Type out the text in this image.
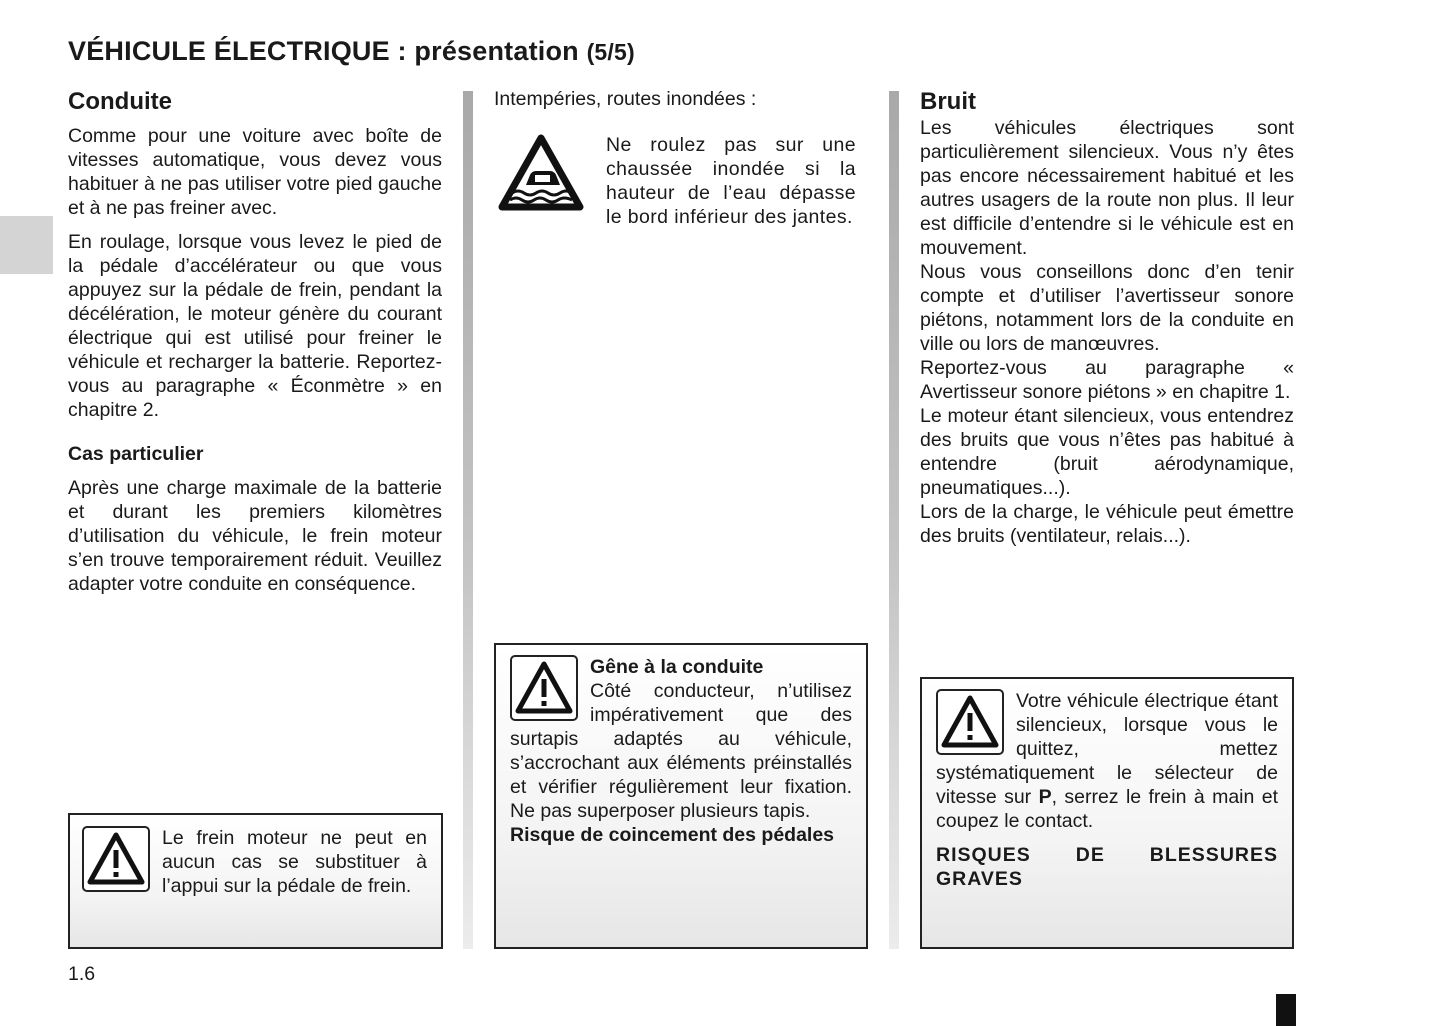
VÉHICULE ÉLECTRIQUE : présentation (5/5)
Conduite

Comme pour une voiture avec boîte de vitesses automatique, vous devez vous habituer à ne pas utiliser votre pied gauche et à ne pas freiner avec.

En roulage, lorsque vous levez le pied de la pédale d’accélérateur ou que vous appuyez sur la pédale de frein, pendant la décélération, le moteur génère du courant électrique qui est utilisé pour freiner le véhicule et recharger la batterie. Reportez-vous au paragraphe « Éconmètre » en chapitre 2.

Cas particulier

Après une charge maximale de la batterie et durant les premiers kilomètres d’utilisation du véhicule, le frein moteur s’en trouve temporairement réduit. Veuillez adapter votre conduite en conséquence.

Le frein moteur ne peut en aucun cas se substituer à l’appui sur la pédale de frein.

Intempéries, routes inondées :

Ne roulez pas sur une chaussée inondée si la hauteur de l’eau dépasse le bord inférieur des jantes.

Gêne à la conduite

Côté conducteur, n’utilisez impérativement que des surtapis adaptés au véhicule, s’accrochant aux éléments préinstallés et vérifier régulièrement leur fixation. Ne pas superposer plusieurs tapis.

Risque de coincement des pédales

Bruit

Les véhicules électriques sont particulièrement silencieux. Vous n’y êtes pas encore nécessairement habitué et les autres usagers de la route non plus. Il leur est difficile d’entendre si le véhicule est en mouvement.

Nous vous conseillons donc d’en tenir compte et d’utiliser l’avertisseur sonore piétons, notamment lors de la conduite en ville ou lors de manœuvres.

Reportez-vous au paragraphe « Avertisseur sonore piétons » en chapitre 1.

Le moteur étant silencieux, vous entendrez des bruits que vous n’êtes pas habitué à entendre (bruit aérodynamique, pneumatiques...).

Lors de la charge, le véhicule peut émettre des bruits (ventilateur, relais...).

Votre véhicule électrique étant silencieux, lorsque vous le quittez, mettez systématiquement le sélecteur de vitesse sur P, serrez le frein à main et coupez le contact.

RISQUES DE BLESSURES GRAVES

1.6
